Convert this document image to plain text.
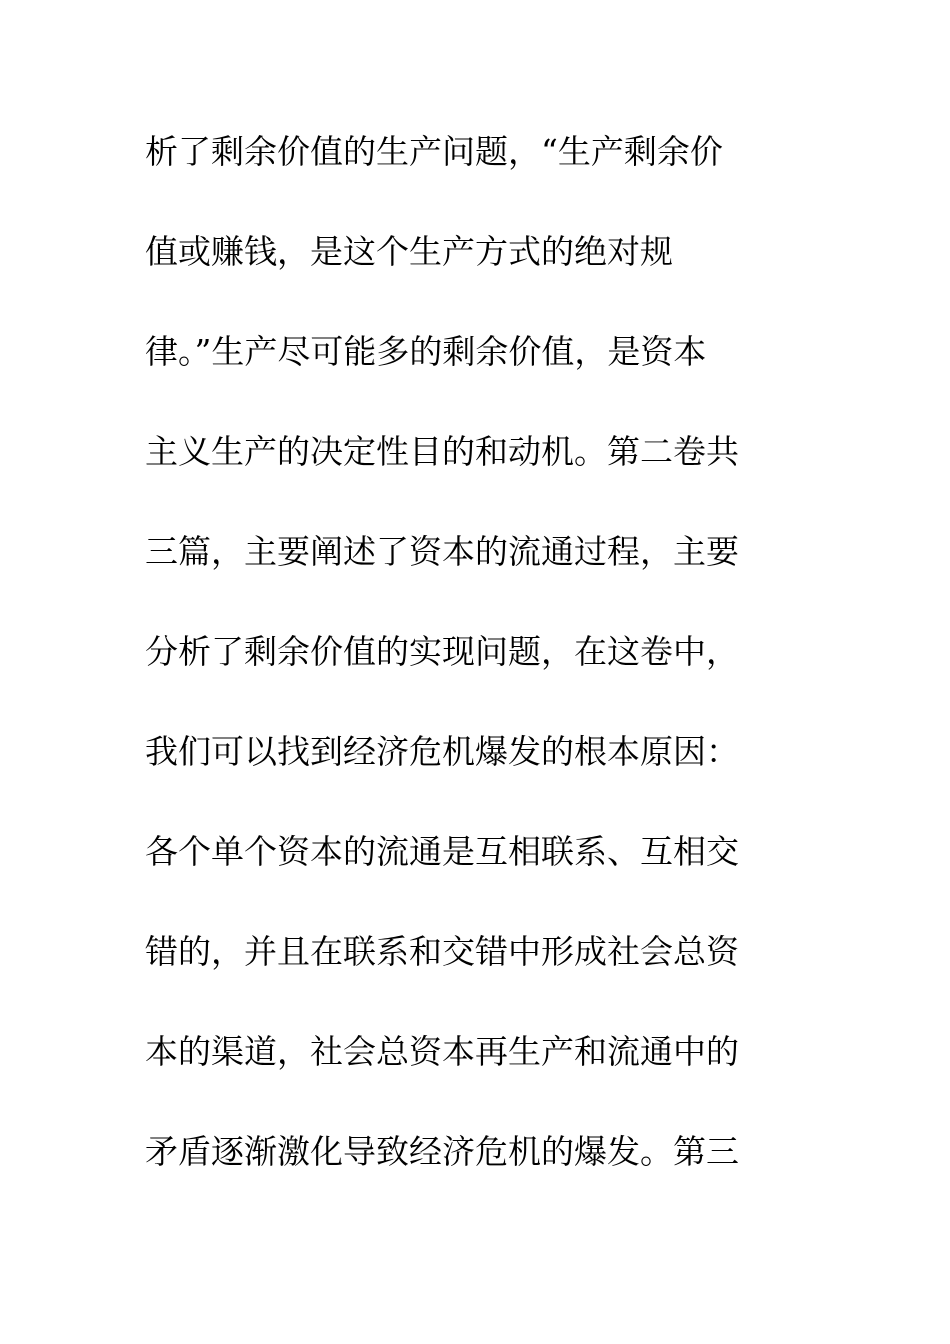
析了剩余价值的生产问题，“生产剩余价
值或赚钱，是这个生产方式的绝对规
律。”生产尽可能多的剩余价值，是资本
主义生产的决定性目的和动机。第二卷共
三篇，主要阐述了资本的流通过程，主要
分析了剩余价值的实现问题，在这卷中，
我们可以找到经济危机爆发的根本原因：
各个单个资本的流通是互相联系、互相交
错的，并且在联系和交错中形成社会总资
本的渠道，社会总资本再生产和流通中的
矛盾逐渐激化导致经济危机的爆发。第三
